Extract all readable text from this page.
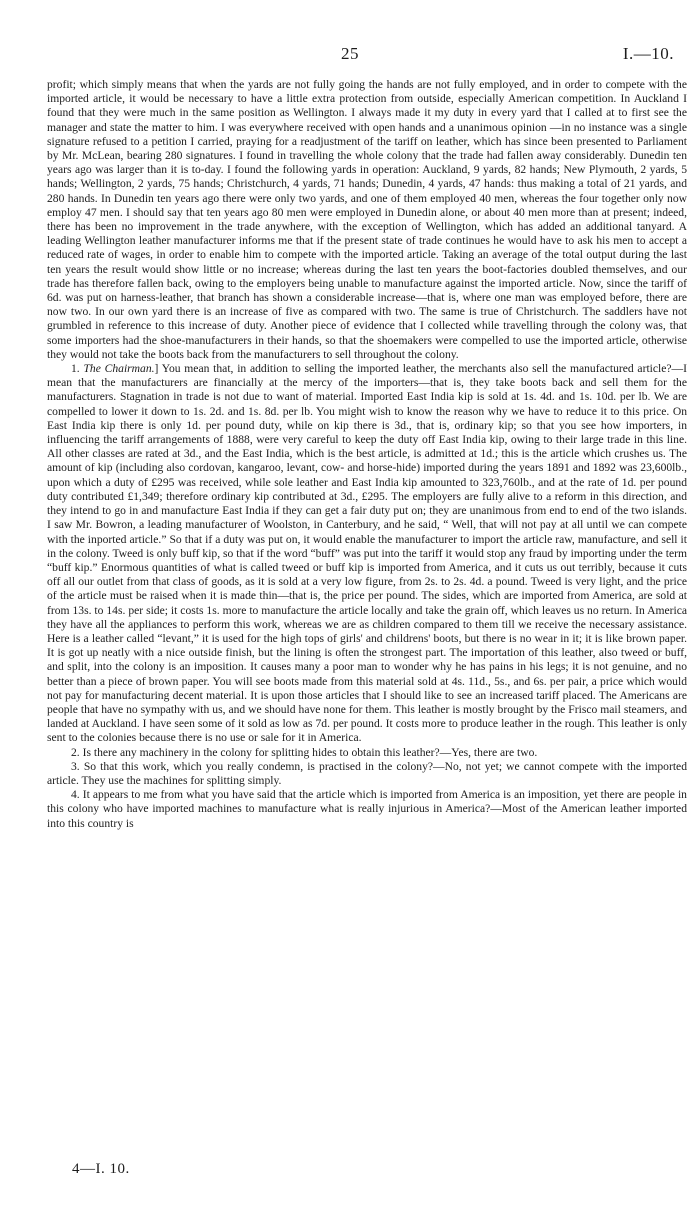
25	I.—10.

profit; which simply means that when the yards are not fully going the hands are not fully employed, and in order to compete with the imported article, it would be necessary to have a little extra protection from outside, especially American competition. In Auckland I found that they were much in the same position as Wellington. I always made it my duty in every yard that I called at to first see the manager and state the matter to him. I was everywhere received with open hands and a unanimous opinion —in no instance was a single signature refused to a petition I carried, praying for a readjustment of the tariff on leather, which has since been presented to Parliament by Mr. McLean, bearing 280 signatures. I found in travelling the whole colony that the trade had fallen away considerably. Dunedin ten years ago was larger than it is to-day. I found the following yards in operation: Auckland, 9 yards, 82 hands; New Plymouth, 2 yards, 5 hands; Wellington, 2 yards, 75 hands; Christchurch, 4 yards, 71 hands; Dunedin, 4 yards, 47 hands: thus making a total of 21 yards, and 280 hands. In Dunedin ten years ago there were only two yards, and one of them employed 40 men, whereas the four together only now employ 47 men. I should say that ten years ago 80 men were employed in Dunedin alone, or about 40 men more than at present; indeed, there has been no improvement in the trade anywhere, with the exception of Wellington, which has added an additional tanyard. A leading Wellington leather manufacturer informs me that if the present state of trade continues he would have to ask his men to accept a reduced rate of wages, in order to enable him to compete with the imported article. Taking an average of the total output during the last ten years the result would show little or no increase; whereas during the last ten years the boot-factories doubled themselves, and our trade has therefore fallen back, owing to the employers being unable to manufacture against the imported article. Now, since the tariff of 6d. was put on harness-leather, that branch has shown a considerable increase—that is, where one man was employed before, there are now two. In our own yard there is an increase of five as compared with two. The same is true of Christchurch. The saddlers have not grumbled in reference to this increase of duty. Another piece of evidence that I collected while travelling through the colony was, that some importers had the shoe-manufacturers in their hands, so that the shoemakers were compelled to use the imported article, otherwise they would not take the boots back from the manufacturers to sell throughout the colony.

1. The Chairman.] You mean that, in addition to selling the imported leather, the merchants also sell the manufactured article?—I mean that the manufacturers are financially at the mercy of the importers—that is, they take boots back and sell them for the manufacturers. Stagnation in trade is not due to want of material. Imported East India kip is sold at 1s. 4d. and 1s. 10d. per lb. We are compelled to lower it down to 1s. 2d. and 1s. 8d. per lb. You might wish to know the reason why we have to reduce it to this price. On East India kip there is only 1d. per pound duty, while on kip there is 3d., that is, ordinary kip; so that you see how importers, in influencing the tariff arrangements of 1888, were very careful to keep the duty off East India kip, owing to their large trade in this line. All other classes are rated at 3d., and the East India, which is the best article, is admitted at 1d.; this is the article which crushes us. The amount of kip (including also cordovan, kangaroo, levant, cow- and horse-hide) imported during the years 1891 and 1892 was 23,600lb., upon which a duty of £295 was received, while sole leather and East India kip amounted to 323,760lb., and at the rate of 1d. per pound duty contributed £1,349; therefore ordinary kip contributed at 3d., £295. The employers are fully alive to a reform in this direction, and they intend to go in and manufacture East India if they can get a fair duty put on; they are unanimous from end to end of the two islands. I saw Mr. Bowron, a leading manufacturer of Woolston, in Canterbury, and he said, “ Well, that will not pay at all until we can compete with the inported article.” So that if a duty was put on, it would enable the manufacturer to import the article raw, manufacture, and sell it in the colony. Tweed is only buff kip, so that if the word “buff” was put into the tariff it would stop any fraud by importing under the term “buff kip.” Enormous quantities of what is called tweed or buff kip is imported from America, and it cuts us out terribly, because it cuts off all our outlet from that class of goods, as it is sold at a very low figure, from 2s. to 2s. 4d. a pound. Tweed is very light, and the price of the article must be raised when it is made thin—that is, the price per pound. The sides, which are imported from America, are sold at from 13s. to 14s. per side; it costs 1s. more to manufacture the article locally and take the grain off, which leaves us no return. In America they have all the appliances to perform this work, whereas we are as children compared to them till we receive the necessary assistance. Here is a leather called “levant,” it is used for the high tops of girls' and childrens' boots, but there is no wear in it; it is like brown paper. It is got up neatly with a nice outside finish, but the lining is often the strongest part. The importation of this leather, also tweed or buff, and split, into the colony is an imposition. It causes many a poor man to wonder why he has pains in his legs; it is not genuine, and no better than a piece of brown paper. You will see boots made from this material sold at 4s. 11d., 5s., and 6s. per pair, a price which would not pay for manufacturing decent material. It is upon those articles that I should like to see an increased tariff placed. The Americans are people that have no sympathy with us, and we should have none for them. This leather is mostly brought by the Frisco mail steamers, and landed at Auckland. I have seen some of it sold as low as 7d. per pound. It costs more to produce leather in the rough. This leather is only sent to the colonies because there is no use or sale for it in America.

2. Is there any machinery in the colony for splitting hides to obtain this leather?—Yes, there are two.

3. So that this work, which you really condemn, is practised in the colony?—No, not yet; we cannot compete with the imported article. They use the machines for splitting simply.

4. It appears to me from what you have said that the article which is imported from America is an imposition, yet there are people in this colony who have imported machines to manufacture what is really injurious in America?—Most of the American leather imported into this country is

4—I. 10.
